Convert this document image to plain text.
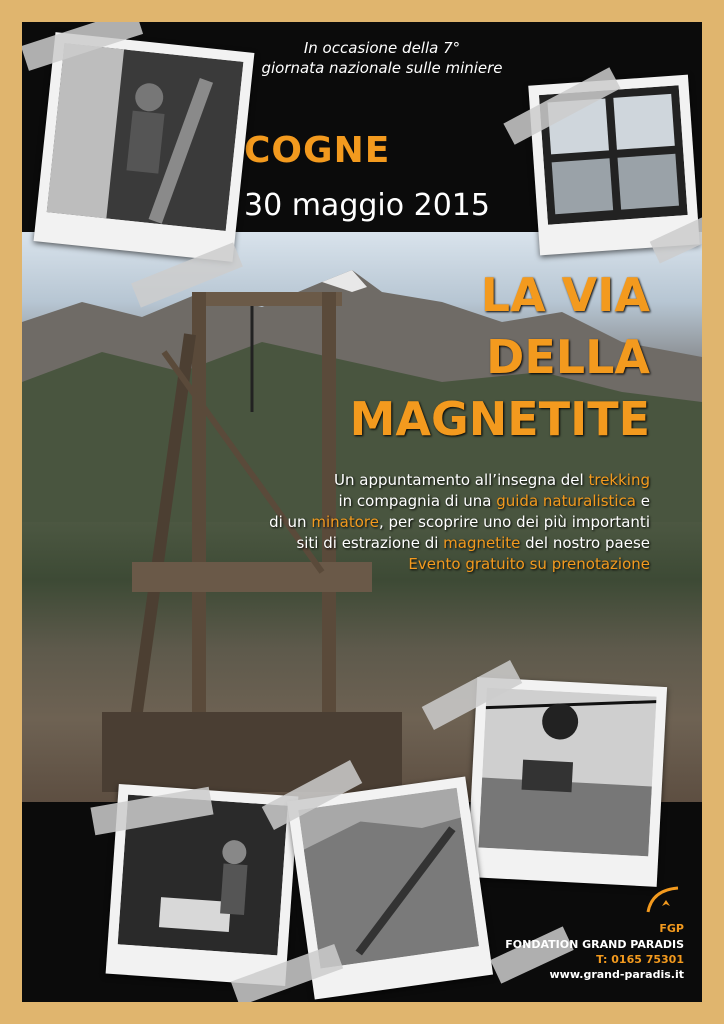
In occasione della 7°
giornata nazionale sulle miniere
COGNE
30 maggio 2015
LA VIA
DELLA
MAGNETITE
Un appuntamento all’insegna del trekking
in compagnia di una guida naturalistica e
di un minatore, per scoprire uno dei più importanti
siti di estrazione di magnetite del nostro paese
Evento gratuito su prenotazione
FGP
FONDATION GRAND PARADIS
T: 0165 75301
www.grand-paradis.it
